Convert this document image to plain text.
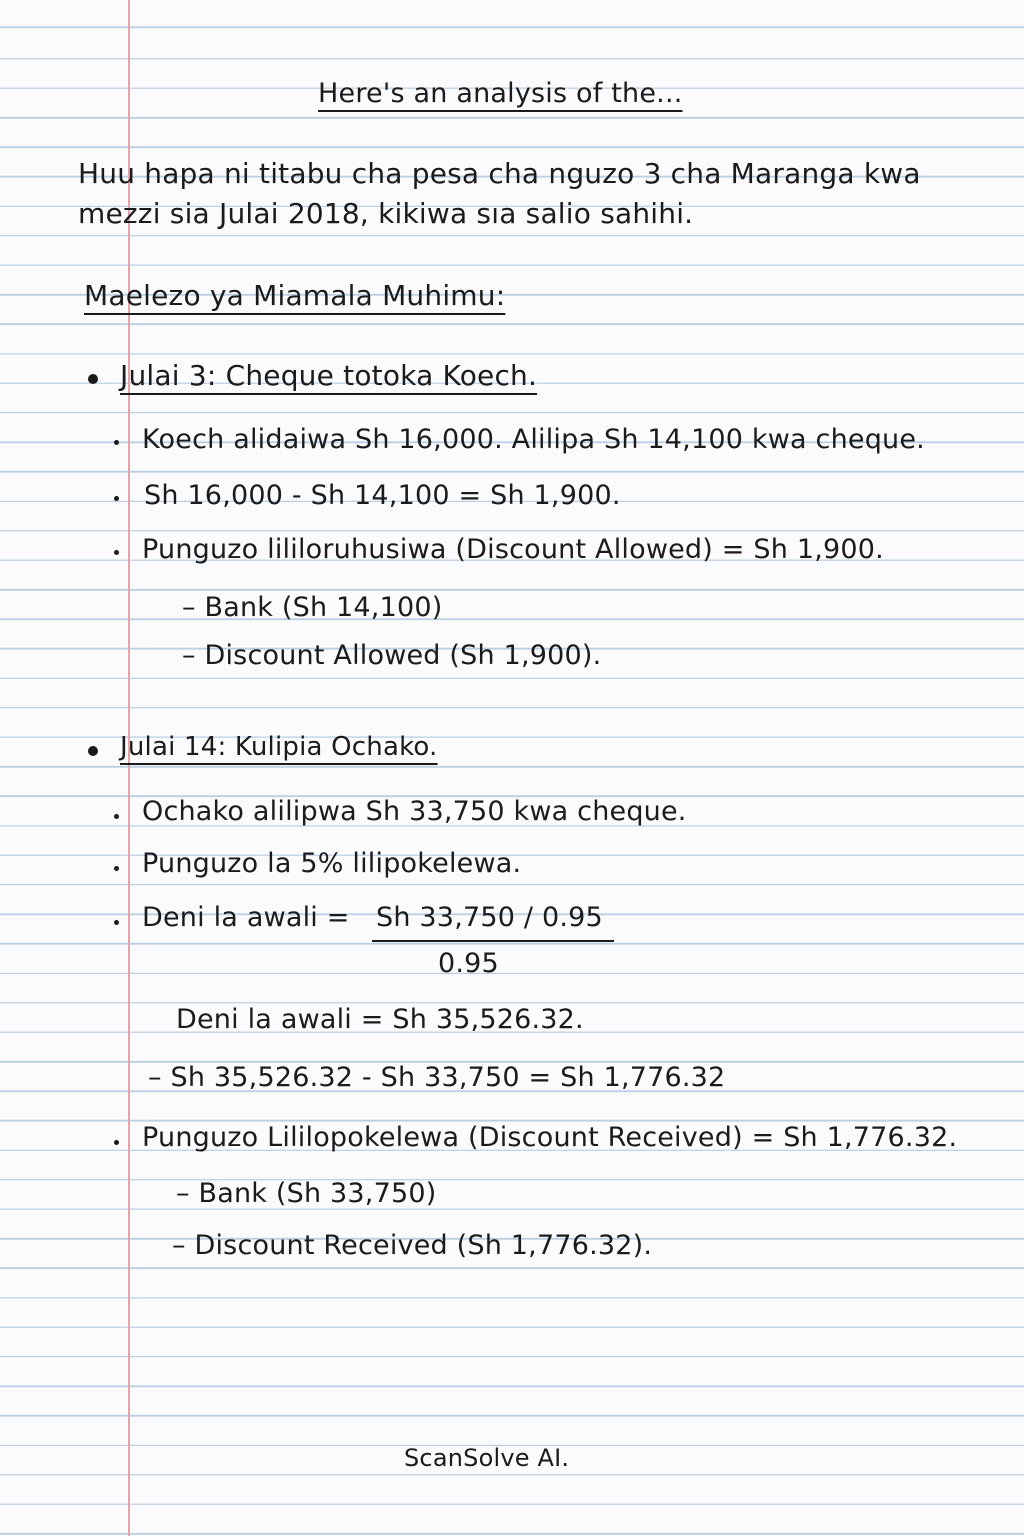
Here's an analysis of the...
Huu hapa ni titabu cha pesa cha nguzo 3 cha Maranga kwa
mezzi sia Julai 2018, kikiwa sıa salio sahihi.
Maelezo ya Miamala Muhimu:
Julai 3: Cheque totoka Koech.
Koech alidaiwa Sh 16,000. Alilipa Sh 14,100 kwa cheque.
Sh 16,000 - Sh 14,100 = Sh 1,900.
Punguzo lililoruhusiwa (Discount Allowed) = Sh 1,900.
– Bank (Sh 14,100)
– Discount Allowed (Sh 1,900).
Julai 14: Kulipia Ochako.
Ochako alilipwa Sh 33,750 kwa cheque.
Punguzo la 5% lilipokelewa.
Deni la awali = Sh 33,750 / 0.95
0.95
Deni la awali = Sh 35,526.32.
– Sh 35,526.32 - Sh 33,750 = Sh 1,776.32
Punguzo Lililopokelewa (Discount Received) = Sh 1,776.32.
– Bank (Sh 33,750)
– Discount Received (Sh 1,776.32).
ScanSolve AI.
